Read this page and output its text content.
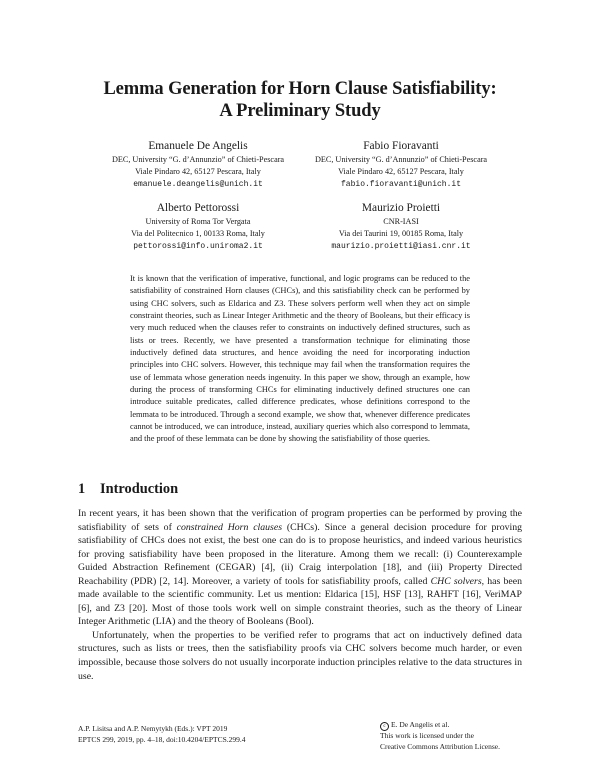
Lemma Generation for Horn Clause Satisfiability:
A Preliminary Study
Emanuele De Angelis
DEC, University “G. d’Annunzio” of Chieti-Pescara
Viale Pindaro 42, 65127 Pescara, Italy
emanuele.deangelis@unich.it
Fabio Fioravanti
DEC, University “G. d’Annunzio” of Chieti-Pescara
Viale Pindaro 42, 65127 Pescara, Italy
fabio.fioravanti@unich.it
Alberto Pettorossi
University of Roma Tor Vergata
Via del Politecnico 1, 00133 Roma, Italy
pettorossi@info.uniroma2.it
Maurizio Proietti
CNR-IASI
Via dei Taurini 19, 00185 Roma, Italy
maurizio.proietti@iasi.cnr.it
It is known that the verification of imperative, functional, and logic programs can be reduced to the satisfiability of constrained Horn clauses (CHCs), and this satisfiability check can be performed by using CHC solvers, such as Eldarica and Z3. These solvers perform well when they act on simple constraint theories, such as Linear Integer Arithmetic and the theory of Booleans, but their efficacy is very much reduced when the clauses refer to constraints on inductively defined structures, such as lists or trees. Recently, we have presented a transformation technique for eliminating those inductively defined data structures, and hence avoiding the need for incorporating induction principles into CHC solvers. However, this technique may fail when the transformation requires the use of lemmata whose generation needs ingenuity. In this paper we show, through an example, how during the process of transforming CHCs for eliminating inductively defined structures one can introduce suitable predicates, called difference predicates, whose definitions correspond to the lemmata to be introduced. Through a second example, we show that, whenever difference predicates cannot be introduced, we can introduce, instead, auxiliary queries which also correspond to lemmata, and the proof of these lemmata can be done by showing the satisfiability of those queries.
1 Introduction

In recent years, it has been shown that the verification of program properties can be performed by proving the satisfiability of sets of constrained Horn clauses (CHCs). Since a general decision procedure for proving satisfiability of CHCs does not exist, the best one can do is to propose heuristics, and indeed various heuristics for proving satisfiability have been proposed in the literature. Among them we recall: (i) Counterexample Guided Abstraction Refinement (CEGAR) [4], (ii) Craig interpolation [18], and (iii) Property Directed Reachability (PDR) [2, 14]. Moreover, a variety of tools for satisfiability proofs, called CHC solvers, has been made available to the scientific community. Let us mention: Eldarica [15], HSF [13], RAHFT [16], VeriMAP [6], and Z3 [20]. Most of those tools work well on simple constraint theories, such as the theory of Linear Integer Arithmetic (LIA) and the theory of Booleans (Bool).

Unfortunately, when the properties to be verified refer to programs that act on inductively defined data structures, such as lists or trees, then the satisfiability proofs via CHC solvers become much harder, or even impossible, because those solvers do not usually incorporate induction principles relative to the data structures in use.

A.P. Lisitsa and A.P. Nemytykh (Eds.): VPT 2019
EPTCS 299, 2019, pp. 4–18, doi:10.4204/EPTCS.299.4
c E. De Angelis et al.
This work is licensed under the
Creative Commons Attribution License.
